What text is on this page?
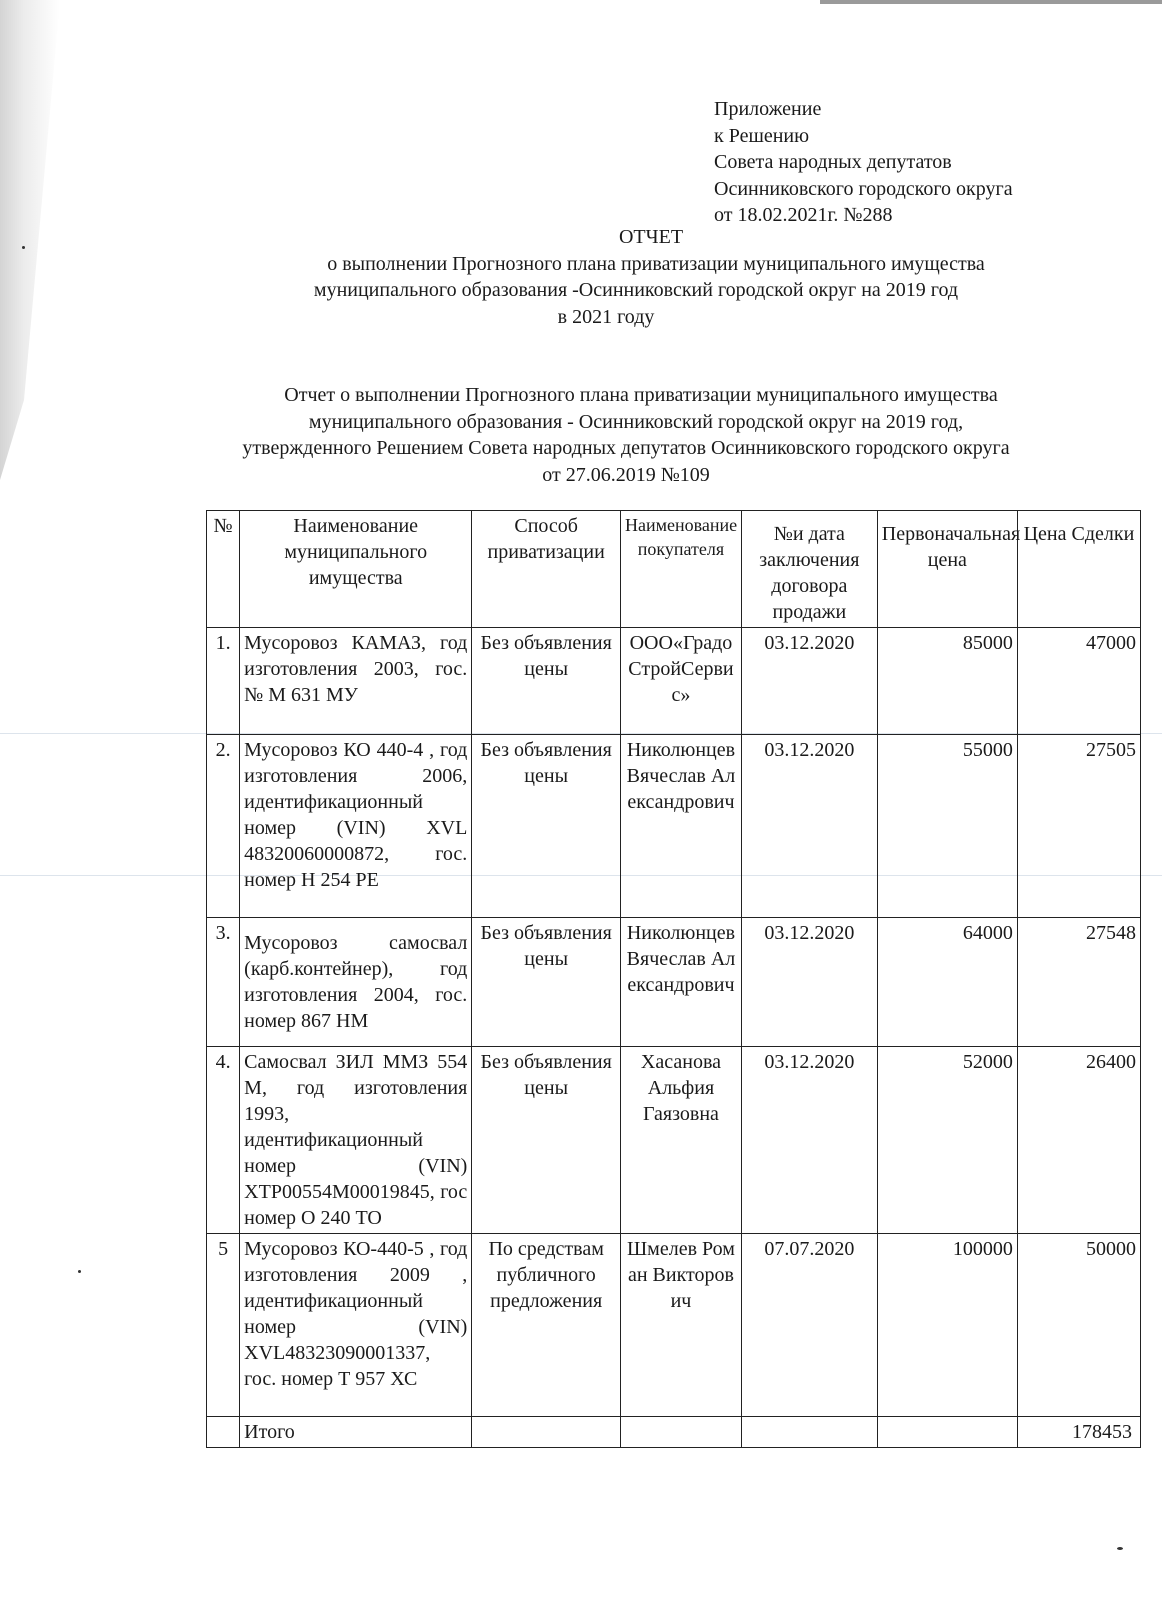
Приложение
к Решению
Совета народных депутатов
Осинниковского городского округа
от 18.02.2021г. №288
ОТЧЕТ
о выполнении Прогнозного плана приватизации муниципального имущества
муниципального образования -Осинниковский городской округ на 2019 год
в 2021 году
Отчет о выполнении Прогнозного плана приватизации муниципального имущества
муниципального образования - Осинниковский городской округ на 2019 год,
утвержденного Решением Совета народных депутатов Осинниковского городского округа
от 27.06.2019 №109
№	Наименование муниципального имущества	Способ приватизации	Наименование покупателя	№и дата заключения договора продажи	Первоначальная цена	Цена Сделки
1.	Мусоровоз КАМАЗ, год изготовления 2003, гос. № М 631 МУ	Без объявления цены	ООО«ГрадоСтройСервис»	03.12.2020	85000	47000
2.	Мусоровоз КО 440-4 , год изготовления 2006, идентификационный номер (VIN) XVL 48320060000872, гос. номер Н 254 РЕ	Без объявления цены	Николюнцев Вячеслав Александрович	03.12.2020	55000	27505
3.	Мусоровоз самосвал (карб.контейнер), год изготовления 2004, гос. номер 867 НМ	Без объявления цены	Николюнцев Вячеслав Александрович	03.12.2020	64000	27548
4.	Самосвал ЗИЛ ММЗ 554 М, год изготовления 1993, идентификационный номер (VIN) ХТР00554М00019845, гос номер О 240 ТО	Без объявления цены	Хасанова Альфия Гаязовна	03.12.2020	52000	26400
5	Мусоровоз КО-440-5 , год изготовления 2009 , идентификационный номер (VIN) XVL48323090001337, гос. номер Т 957 ХС	По средствам публичного предложения	Шмелев Роман Викторович	07.07.2020	100000	50000
	Итого					178453
